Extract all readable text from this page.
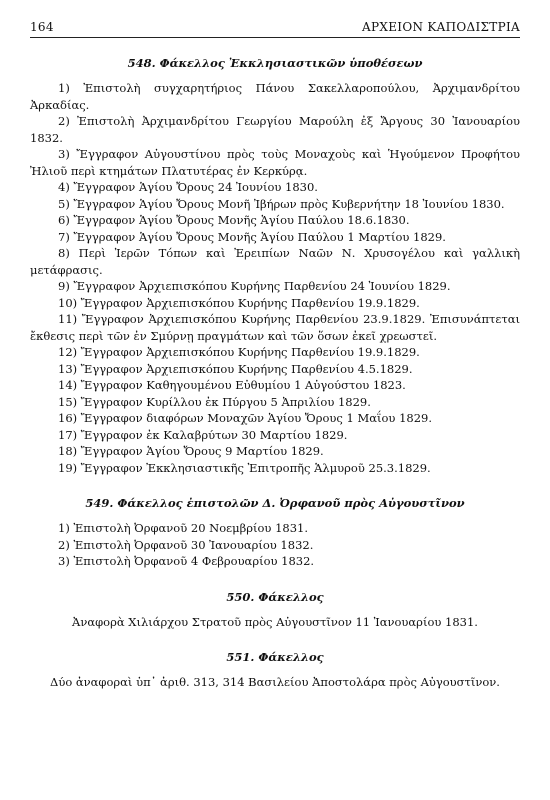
164	ΑΡΧΕΙΟΝ ΚΑΠΟΔΙΣΤΡΙΑ
548. Φάκελλος Ἐκκλησιαστικῶν ὑποθέσεων

1) Ἐπιστολὴ συγχαρητήριος Πάνου Σακελλαροπούλου, Ἀρχιμανδρίτου Ἀρκαδίας.

2) Ἐπιστολὴ Ἀρχιμανδρίτου Γεωργίου Μαρούλη ἐξ Ἄργους 30 Ἰανουαρίου 1832.

3) Ἔγγραφον Αὐγουστίνου πρὸς τοὺς Μοναχοὺς καὶ Ἡγούμενον Προφήτου Ἠλιοῦ περὶ κτημάτων Πλατυτέρας ἐν Κερκύρᾳ.

4) Ἔγγραφον Ἁγίου Ὄρους 24 Ἰουνίου 1830.

5) Ἔγγραφον Ἁγίου Ὄρους Μονῆ Ἰβήρων πρὸς Κυβερνήτην 18 Ἰουνίου 1830.

6) Ἔγγραφον Ἁγίου Ὄρους Μονῆς Ἁγίου Παύλου 18.6.1830.

7) Ἔγγραφον Ἁγίου Ὄρους Μονῆς Ἁγίου Παύλου 1 Μαρτίου 1829.

8) Περὶ Ἱερῶν Τόπων καὶ Ἐρειπίων Ναῶν Ν. Χρυσογέλου καὶ γαλλικὴ μετάφρασις.

9) Ἔγγραφον Ἀρχιεπισκόπου Κυρήνης Παρθενίου 24 Ἰουνίου 1829.

10) Ἔγγραφον Ἀρχιεπισκόπου Κυρήνης Παρθενίου 19.9.1829.

11) Ἔγγραφον Ἀρχιεπισκόπου Κυρήνης Παρθενίου 23.9.1829. Ἐπισυνάπτεται ἔκθεσις περὶ τῶν ἐν Σμύρνῃ πραγμάτων καὶ τῶν ὅσων ἐκεῖ χρεωστεῖ.

12) Ἔγγραφον Ἀρχιεπισκόπου Κυρήνης Παρθενίου 19.9.1829.

13) Ἔγγραφον Ἀρχιεπισκόπου Κυρήνης Παρθενίου 4.5.1829.

14) Ἔγγραφον Καθηγουμένου Εὐθυμίου 1 Αὐγούστου 1823.

15) Ἔγγραφον Κυρίλλου ἐκ Πύργου 5 Ἀπριλίου 1829.

16) Ἔγγραφον διαφόρων Μοναχῶν Ἁγίου Ὄρους 1 Μαΐου 1829.

17) Ἔγγραφον ἐκ Καλαβρύτων 30 Μαρτίου 1829.

18) Ἔγγραφον Ἁγίου Ὄρους 9 Μαρτίου 1829.

19) Ἔγγραφον Ἐκκλησιαστικῆς Ἐπιτροπῆς Ἁλμυροῦ 25.3.1829.

549. Φάκελλος ἐπιστολῶν Δ. Ὀρφανοῦ πρὸς Αὐγουστῖνον

1) Ἐπιστολὴ Ὀρφανοῦ 20 Νοεμβρίου 1831.

2) Ἐπιστολὴ Ὀρφανοῦ 30 Ἰανουαρίου 1832.

3) Ἐπιστολὴ Ὀρφανοῦ 4 Φεβρουαρίου 1832.

550. Φάκελλος

Ἀναφορὰ Χιλιάρχου Στρατοῦ πρὸς Αὐγουστῖνον 11 Ἰανουαρίου 1831.

551. Φάκελλος

Δύο ἀναφοραὶ ὑπ᾽ ἀριθ. 313, 314 Βασιλείου Ἀποστολάρα πρὸς Αὐγουστῖνον.
